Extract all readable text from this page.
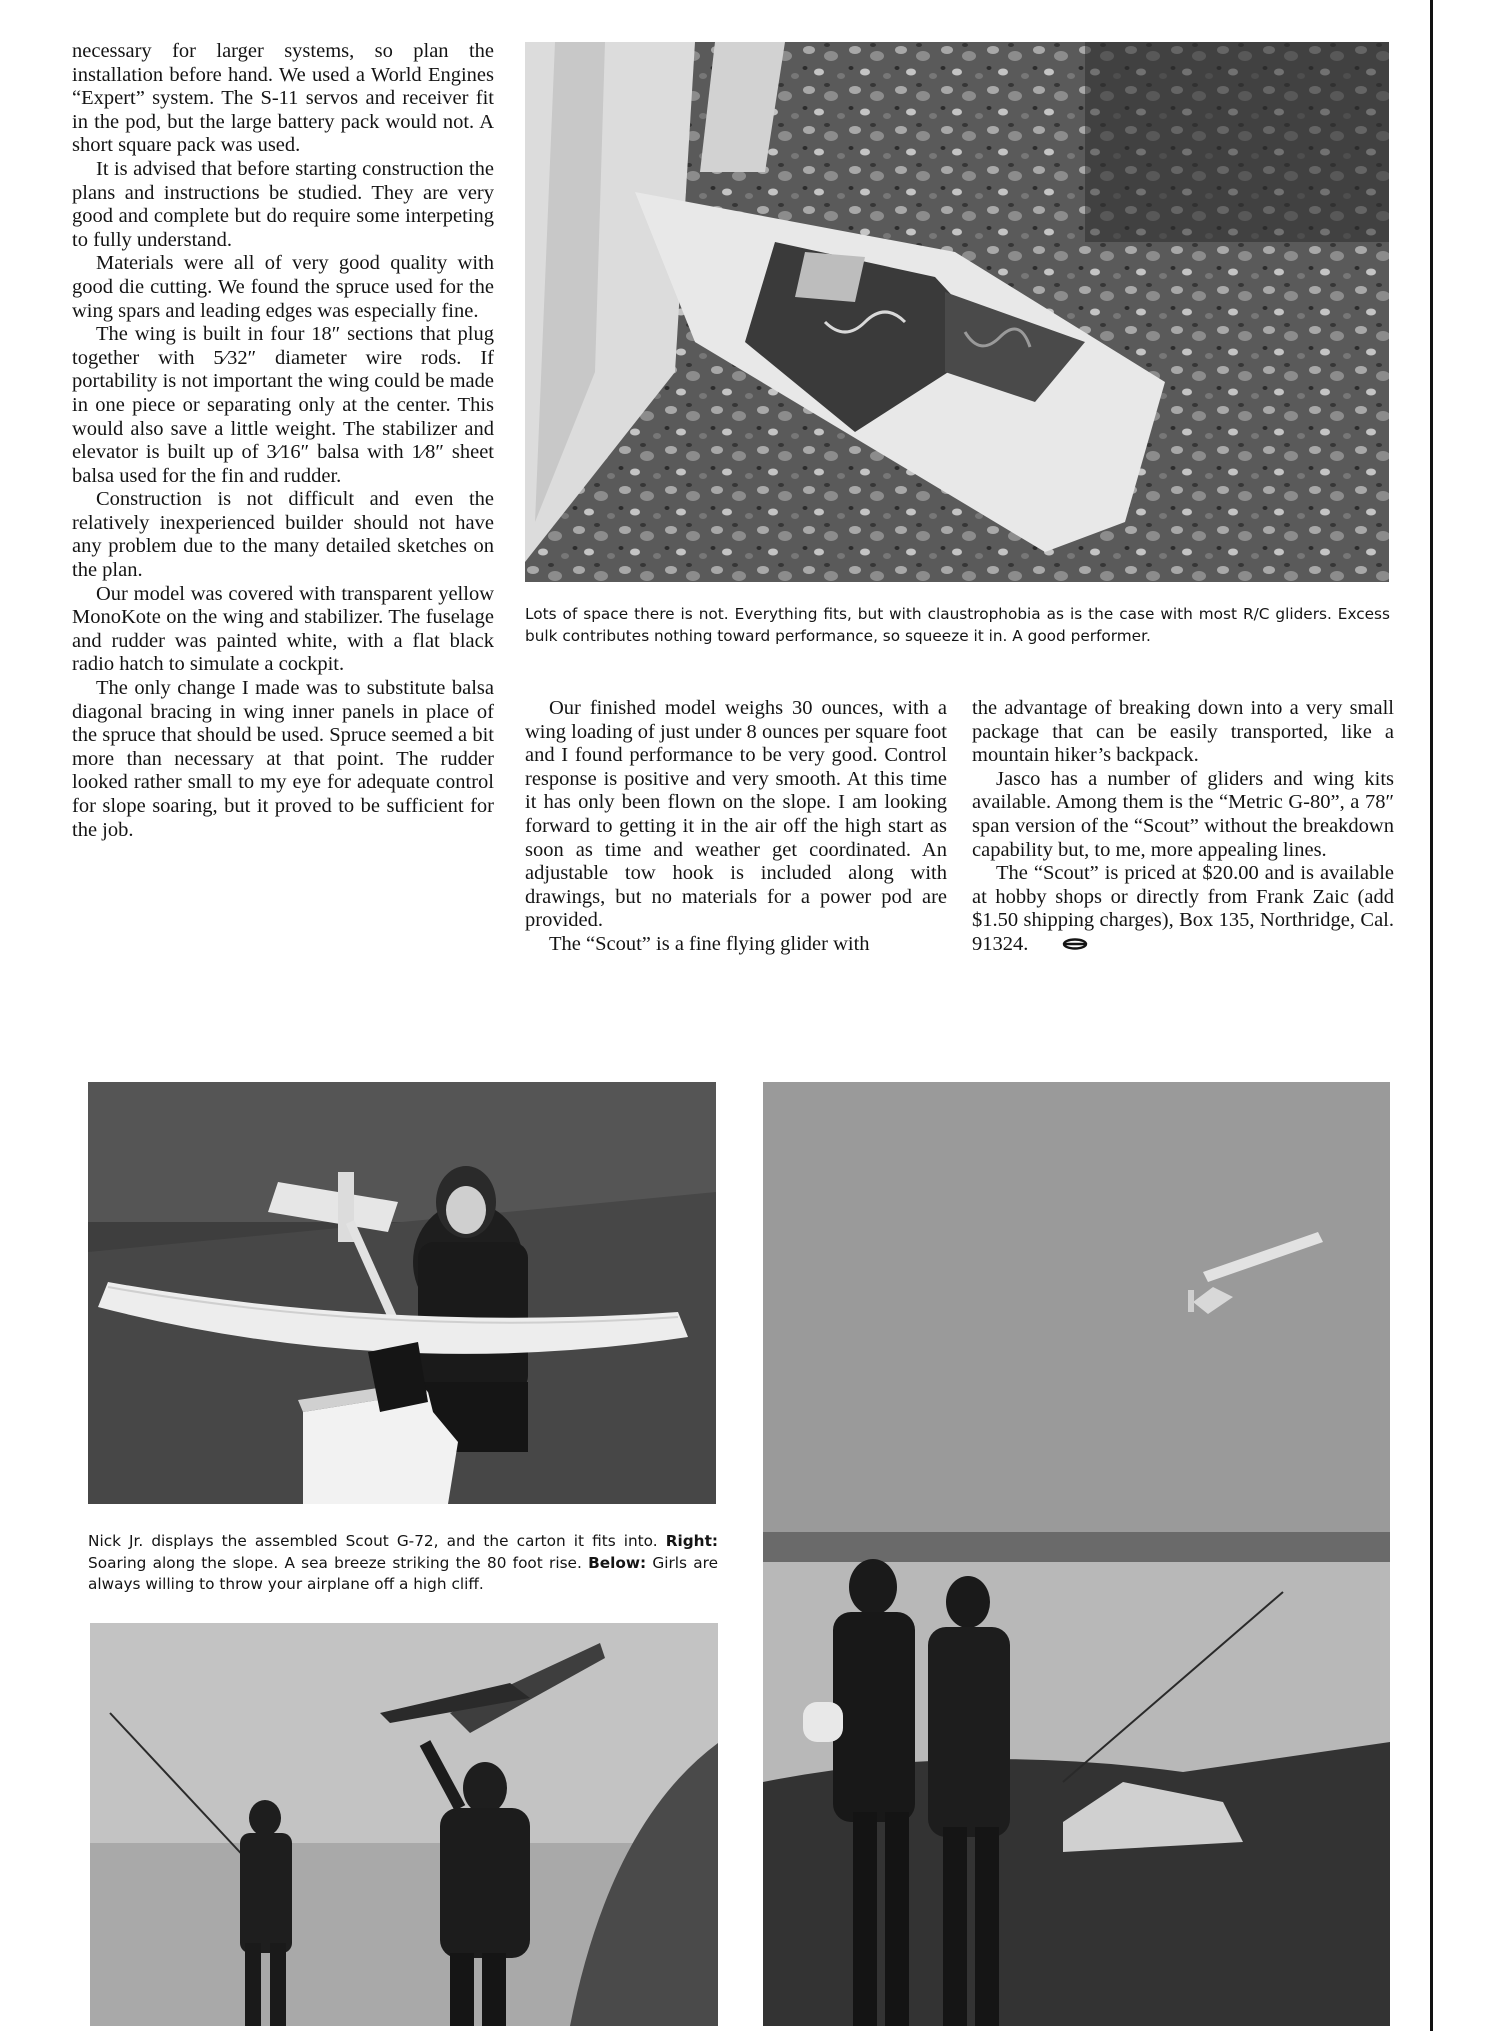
necessary for larger systems, so plan the installation before hand. We used a World Engines “Expert” system. The S-11 servos and receiver fit in the pod, but the large battery pack would not. A short square pack was used.

It is advised that before starting construction the plans and instructions be studied. They are very good and complete but do require some interpeting to fully understand.

Materials were all of very good quality with good die cutting. We found the spruce used for the wing spars and leading edges was especially fine.

The wing is built in four 18″ sections that plug together with 5⁄32″ diameter wire rods. If portability is not important the wing could be made in one piece or separating only at the center. This would also save a little weight. The stabilizer and elevator is built up of 3⁄16″ balsa with 1⁄8″ sheet balsa used for the fin and rudder.

Construction is not difficult and even the relatively inexperienced builder should not have any problem due to the many detailed sketches on the plan.

Our model was covered with transparent yellow MonoKote on the wing and stabilizer. The fuselage and rudder was painted white, with a flat black radio hatch to simulate a cockpit.

The only change I made was to substitute balsa diagonal bracing in wing inner panels in place of the spruce that should be used. Spruce seemed a bit more than necessary at that point. The rudder looked rather small to my eye for adequate control for slope soaring, but it proved to be sufficient for the job.

Our finished model weighs 30 ounces, with a wing loading of just under 8 ounces per square foot and I found performance to be very good. Control response is positive and very smooth. At this time it has only been flown on the slope. I am looking forward to getting it in the air off the high start as soon as time and weather get coordinated. An adjustable tow hook is included along with drawings, but no materials for a power pod are provided.

The “Scout” is a fine flying glider with

the advantage of breaking down into a very small package that can be easily transported, like a mountain hiker’s backpack.

Jasco has a number of gliders and wing kits available. Among them is the “Metric G-80”, a 78″ span version of the “Scout” without the breakdown capability but, to me, more appealing lines.

The “Scout” is priced at $20.00 and is available at hobby shops or directly from Frank Zaic (add $1.50 shipping charges), Box 135, Northridge, Cal. 91324.

Lots of space there is not. Everything fits, but with claustrophobia as is the case with most R/C gliders. Excess bulk contributes nothing toward performance, so squeeze it in. A good performer.
Nick Jr. displays the assembled Scout G-72, and the carton it fits into. Right: Soaring along the slope. A sea breeze striking the 80 foot rise. Below: Girls are always willing to throw your airplane off a high cliff.
